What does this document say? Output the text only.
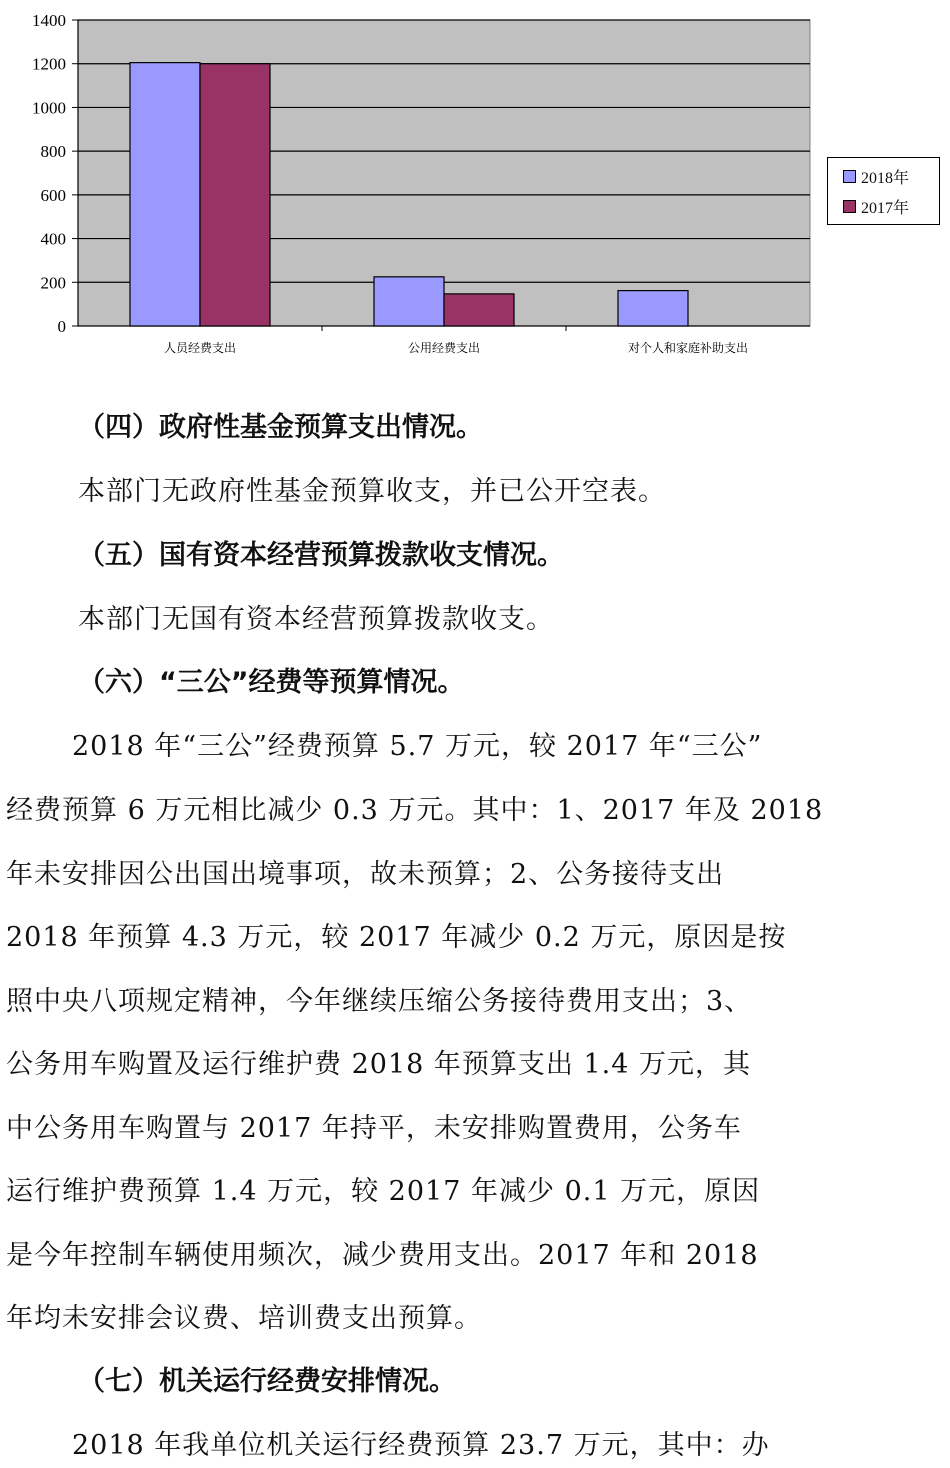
0
200
400
600
800
1000
1200
1400
人员经费支出	公用经费支出	对个人和家庭补助支出
2018年
2017年
（四）政府性基金预算支出情况。
本部门无政府性基金预算收支，并已公开空表。
（五）国有资本经营预算拨款收支情况。
本部门无国有资本经营预算拨款收支。
（六）“三公”经费等预算情况。
2018 年“三公”经费预算 5.7 万元，较 2017 年“三公”
经费预算 6 万元相比减少 0.3 万元。其中：1、2017 年及 2018
年未安排因公出国出境事项，故未预算；2、公务接待支出
2018 年预算 4.3 万元，较 2017 年减少 0.2 万元，原因是按
照中央八项规定精神，今年继续压缩公务接待费用支出；3、
公务用车购置及运行维护费 2018 年预算支出 1.4 万元，其
中公务用车购置与 2017 年持平，未安排购置费用，公务车
运行维护费预算 1.4 万元，较 2017 年减少 0.1 万元，原因
是今年控制车辆使用频次，减少费用支出。2017 年和 2018
年均未安排会议费、培训费支出预算。
（七）机关运行经费安排情况。
2018 年我单位机关运行经费预算 23.7 万元，其中：办
